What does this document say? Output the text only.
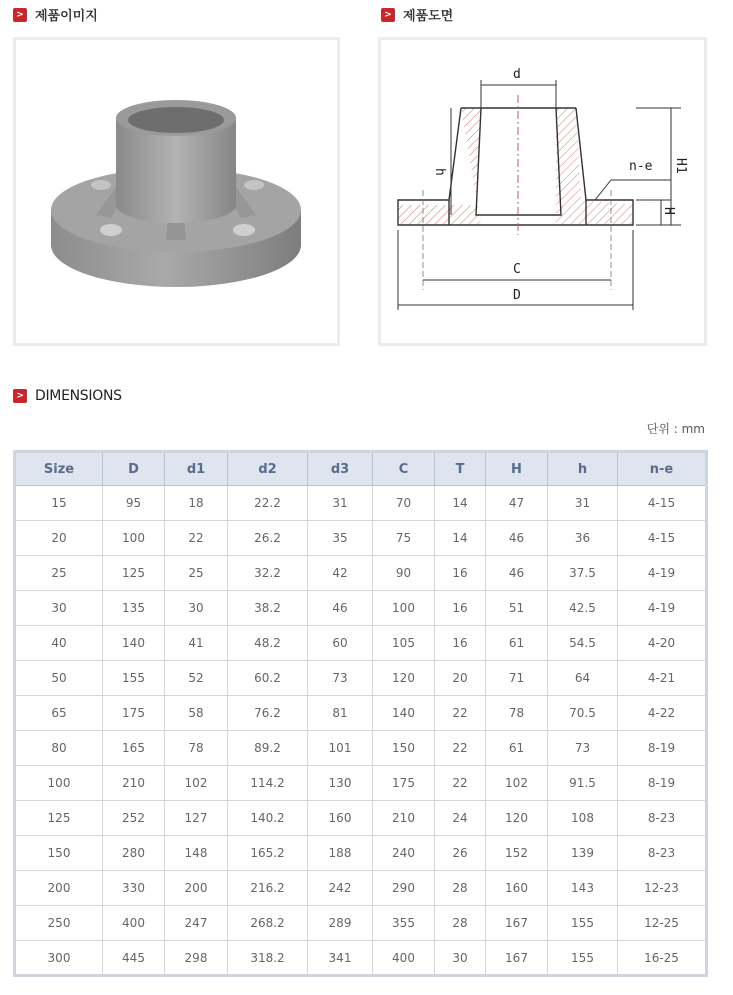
> 제품이미지	> 제품도면
d
C
D
n-e
h	H1
H
> DIMENSIONS
단위 : mm
Size	D	d1	d2	d3	C	T	H	h	n-e
15	95	18	22.2	31	70	14	47	31	4-15
20	100	22	26.2	35	75	14	46	36	4-15
25	125	25	32.2	42	90	16	46	37.5	4-19
30	135	30	38.2	46	100	16	51	42.5	4-19
40	140	41	48.2	60	105	16	61	54.5	4-20
50	155	52	60.2	73	120	20	71	64	4-21
65	175	58	76.2	81	140	22	78	70.5	4-22
80	165	78	89.2	101	150	22	61	73	8-19
100	210	102	114.2	130	175	22	102	91.5	8-19
125	252	127	140.2	160	210	24	120	108	8-23
150	280	148	165.2	188	240	26	152	139	8-23
200	330	200	216.2	242	290	28	160	143	12-23
250	400	247	268.2	289	355	28	167	155	12-25
300	445	298	318.2	341	400	30	167	155	16-25
